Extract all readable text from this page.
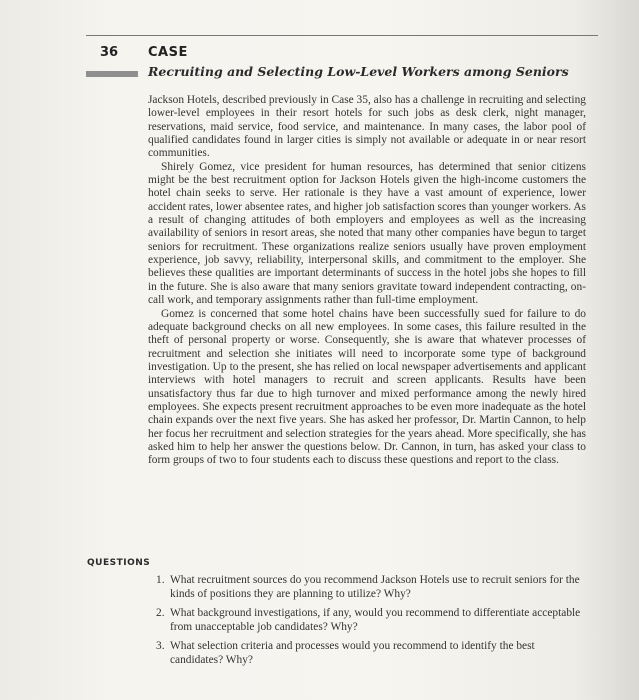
36 CASE
Recruiting and Selecting Low-Level Workers among Seniors

Jackson Hotels, described previously in Case 35, also has a challenge in recruiting and selecting lower-level employees in their resort hotels for such jobs as desk clerk, night manager, reservations, maid service, food service, and maintenance. In many cases, the labor pool of qualified candidates found in larger cities is simply not available or adequate in or near resort communities.

Shirely Gomez, vice president for human resources, has determined that senior citizens might be the best recruitment option for Jackson Hotels given the high-income customers the hotel chain seeks to serve. Her rationale is they have a vast amount of experience, lower accident rates, lower absentee rates, and higher job satisfaction scores than younger workers. As a result of changing attitudes of both employers and employees as well as the increasing availability of seniors in resort areas, she noted that many other companies have begun to target seniors for recruitment. These organizations realize seniors usually have proven employment experience, job savvy, reliability, interpersonal skills, and commitment to the employer. She believes these qualities are important determinants of success in the hotel jobs she hopes to fill in the future. She is also aware that many seniors gravitate toward independent contracting, on-call work, and temporary assignments rather than full-time employment.

Gomez is concerned that some hotel chains have been successfully sued for failure to do adequate background checks on all new employees. In some cases, this failure resulted in the theft of personal property or worse. Consequently, she is aware that whatever processes of recruitment and selection she initiates will need to incorporate some type of background investigation. Up to the present, she has relied on local newspaper advertisements and applicant interviews with hotel managers to recruit and screen applicants. Results have been unsatisfactory thus far due to high turnover and mixed performance among the newly hired employees. She expects present recruitment approaches to be even more inadequate as the hotel chain expands over the next five years. She has asked her professor, Dr. Martin Cannon, to help her focus her recruitment and selection strategies for the years ahead. More specifically, she has asked him to help her answer the questions below. Dr. Cannon, in turn, has asked your class to form groups of two to four students each to discuss these questions and report to the class.

QUESTIONS
1. What recruitment sources do you recommend Jackson Hotels use to recruit seniors for the kinds of positions they are planning to utilize? Why?
2. What background investigations, if any, would you recommend to differentiate acceptable from unacceptable job candidates? Why?
3. What selection criteria and processes would you recommend to identify the best candidates? Why?
